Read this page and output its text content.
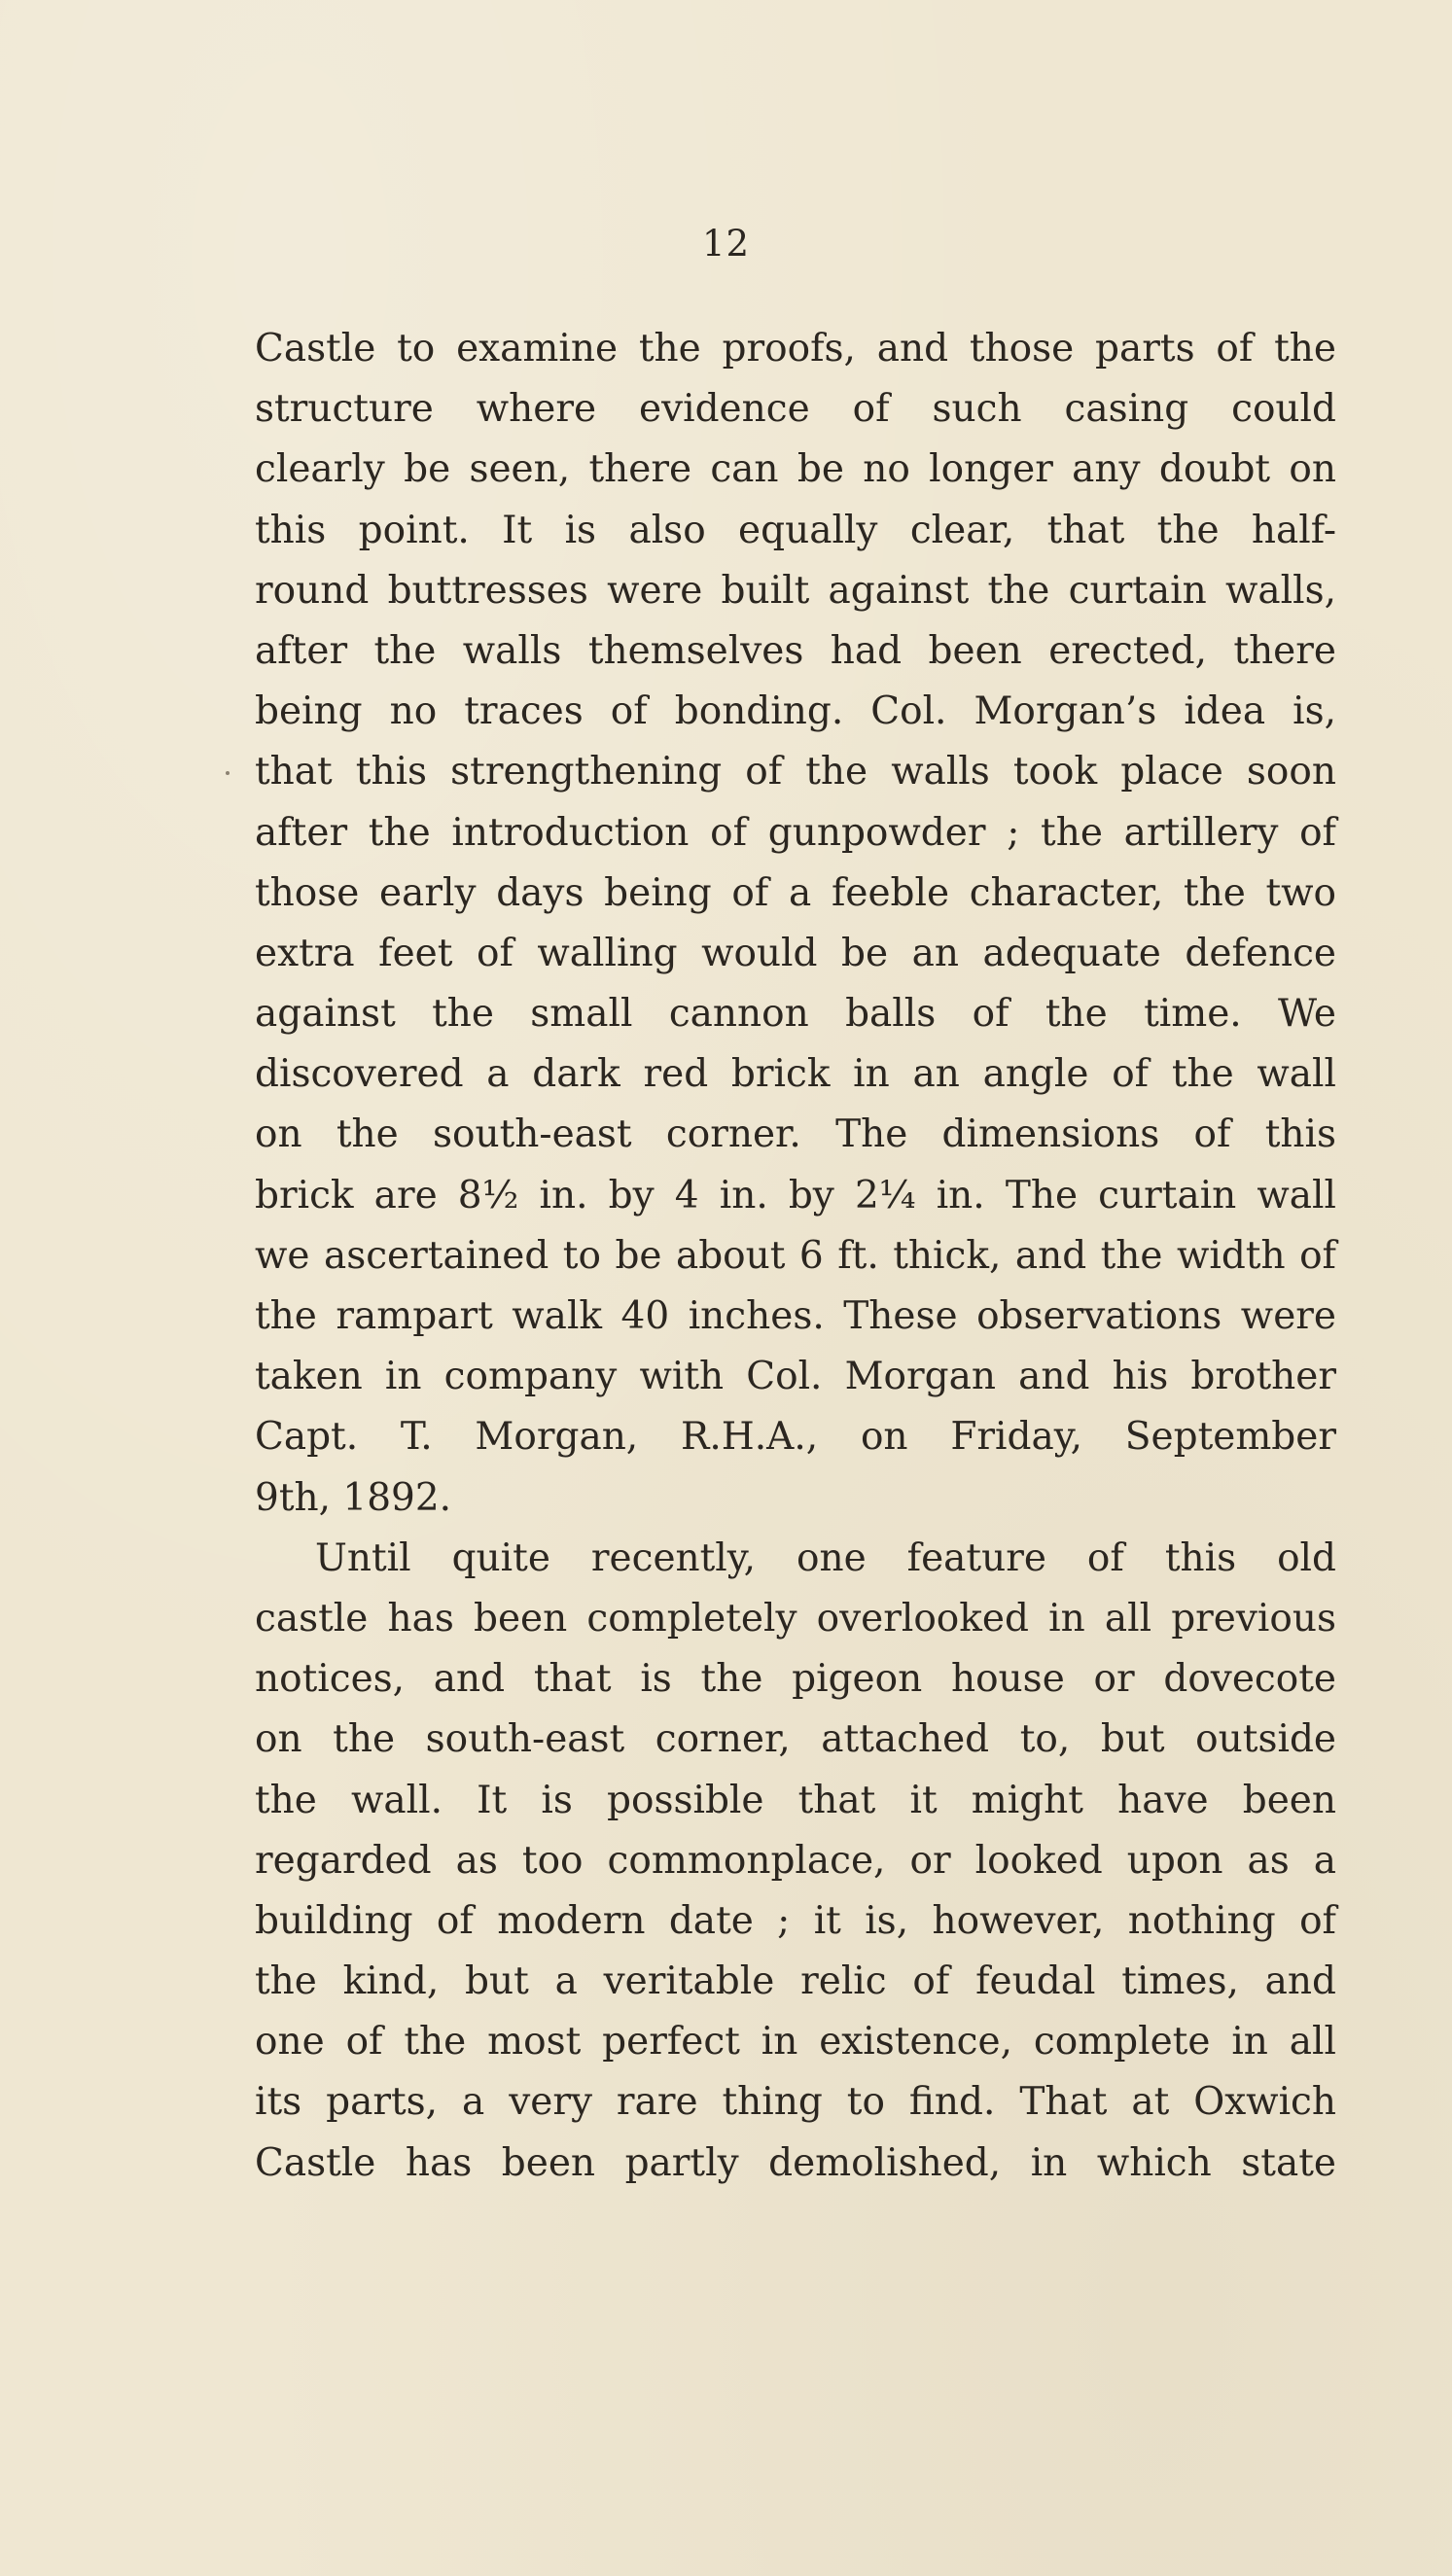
12
Castle to examine the proofs, and those parts of the
structure where evidence of such casing could
clearly be seen, there can be no longer any doubt on
this point. It is also equally clear, that the half-
round buttresses were built against the curtain walls,
after the walls themselves had been erected, there
being no traces of bonding. Col. Morgan’s idea is,
that this strengthening of the walls took place soon
after the introduction of gunpowder ; the artillery of
those early days being of a feeble character, the two
extra feet of walling would be an adequate defence
against the small cannon balls of the time. We
discovered a dark red brick in an angle of the wall
on the south-east corner. The dimensions of this
brick are 8½ in. by 4 in. by 2¼ in. The curtain wall
we ascertained to be about 6 ft. thick, and the width of
the rampart walk 40 inches. These observations were
taken in company with Col. Morgan and his brother
Capt. T. Morgan, R.H.A., on Friday, September
9th, 1892.
Until quite recently, one feature of this old
castle has been completely overlooked in all previous
notices, and that is the pigeon house or dovecote
on the south-east corner, attached to, but outside
the wall. It is possible that it might have been
regarded as too commonplace, or looked upon as a
building of modern date ; it is, however, nothing of
the kind, but a veritable relic of feudal times, and
one of the most perfect in existence, complete in all
its parts, a very rare thing to find. That at Oxwich
Castle has been partly demolished, in which state
